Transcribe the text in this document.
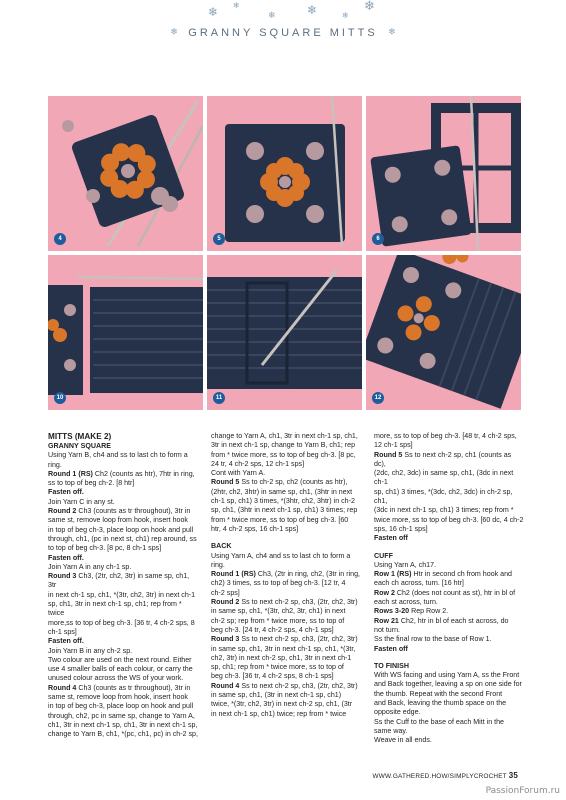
❄ ❄
❄	❄	❄
❄
❄ GRANNY SQUARE MITTS ❄
4	5	6
10	11	12

MITTS (MAKE 2)

GRANNY SQUARE

Using Yarn B, ch4 and ss to last ch to form a

ring.

Round 1 (RS) Ch2 (counts as htr), 7htr in ring,

ss to top of beg ch-2. [8 htr]

Fasten off.

Join Yarn C in any st.

Round 2 Ch3 (counts as tr throughout), 3tr in

same st, remove loop from hook, insert hook

in top of beg ch-3, place loop on hook and pull

through, ch1, (pc in next st, ch1) rep around, ss

to top of beg ch-3. [8 pc, 8 ch-1 sps]

Fasten off.

Join Yarn A in any ch-1 sp.

Round 3 Ch3, (2tr, ch2, 3tr) in same sp, ch1, 3tr

in next ch-1 sp, ch1, *(3tr, ch2, 3tr) in next ch-1

sp, ch1, 3tr in next ch-1 sp, ch1; rep from * twice

more,ss to top of beg ch-3. [36 tr, 4 ch-2 sps, 8

ch-1 sps]

Fasten off.

Join Yarn B in any ch-2 sp.

Two colour are used on the next round. Either

use 4 smaller balls of each colour, or carry the

unused colour across the WS of your work.

Round 4 Ch3 (counts as tr throughout), 3tr in

same st, remove loop from hook, insert hook

in top of beg ch-3, place loop on hook and pull

through, ch2, pc in same sp, change to Yarn A,

ch1, 3tr in next ch-1 sp, ch1, 3tr in next ch-1 sp,

change to Yarn B, ch1, *(pc, ch1, pc) in ch-2 sp,

change to Yarn A, ch1, 3tr in next ch-1 sp, ch1,

3tr in next ch-1 sp, change to Yarn B, ch1; rep

from * twice more, ss to top of beg ch-3. [8 pc,

24 tr, 4 ch-2 sps, 12 ch-1 sps]

Cont with Yarn A.

Round 5 Ss to ch-2 sp, ch2 (counts as htr),

(2htr, ch2, 3htr) in same sp, ch1, (3htr in next

ch-1 sp, ch1) 3 times, *(3htr, ch2, 3htr) in ch-2

sp, ch1, (3htr in next ch-1 sp, ch1) 3 times; rep

from * twice more, ss to top of beg ch-3. [60

htr, 4 ch-2 sps, 16 ch-1 sps]

BACK

Using Yarn A, ch4 and ss to last ch to form a

ring.

Round 1 (RS) Ch3, (2tr in ring, ch2, (3tr in ring,

ch2) 3 times, ss to top of beg ch-3. [12 tr, 4

ch-2 sps]

Round 2 Ss to next ch-2 sp, ch3, (2tr, ch2, 3tr)

in same sp, ch1, *(3tr, ch2, 3tr, ch1) in next

ch-2 sp; rep from * twice more, ss to top of

beg ch-3. [24 tr, 4 ch-2 sps, 4 ch-1 sps]

Round 3 Ss to next ch-2 sp, ch3, (2tr, ch2, 3tr)

in same sp, ch1, 3tr in next ch-1 sp, ch1, *(3tr,

ch2, 3tr) in next ch-2 sp, ch1, 3tr in next ch-1

sp, ch1; rep from * twice more, ss to top of

beg ch-3. [36 tr, 4 ch-2 sps, 8 ch-1 sps]

Round 4 Ss to next ch-2 sp, ch3, (2tr, ch2, 3tr)

in same sp, ch1, (3tr in next ch-1 sp, ch1)

twice, *(3tr, ch2, 3tr) in next ch-2 sp, ch1, (3tr

in next ch-1 sp, ch1) twice; rep from * twice

more, ss to top of beg ch-3. [48 tr, 4 ch-2 sps,

12 ch-1 sps]

Round 5 Ss to next ch-2 sp, ch1 (counts as dc),

(2dc, ch2, 3dc) in same sp, ch1, (3dc in next ch-1

sp, ch1) 3 times, *(3dc, ch2, 3dc) in ch-2 sp, ch1,

(3dc in next ch-1 sp, ch1) 3 times; rep from *

twice more, ss to top of beg ch-3. [60 dc, 4 ch-2

sps, 16 ch-1 sps]

Fasten off

CUFF

Using Yarn A, ch17.

Row 1 (RS) Htr in second ch from hook and

each ch across, turn. [16 htr]

Row 2 Ch2 (does not count as st), htr in bl of

each st across, turn.

Rows 3-20 Rep Row 2.

Row 21 Ch2, htr in bl of each st across, do

not turn.

Ss the final row to the base of Row 1.

Fasten off

TO FINISH

With WS facing and using Yarn A, ss the Front

and Back together, leaving a sp on one side for

the thumb. Repeat with the second Front

and Back, leaving the thumb space on the

opposite edge.

Ss the Cuff to the base of each Mitt in the

same way.

Weave in all ends.

WWW.GATHERED.HOW/SIMPLYCROCHET 35
PassionForum.ru
